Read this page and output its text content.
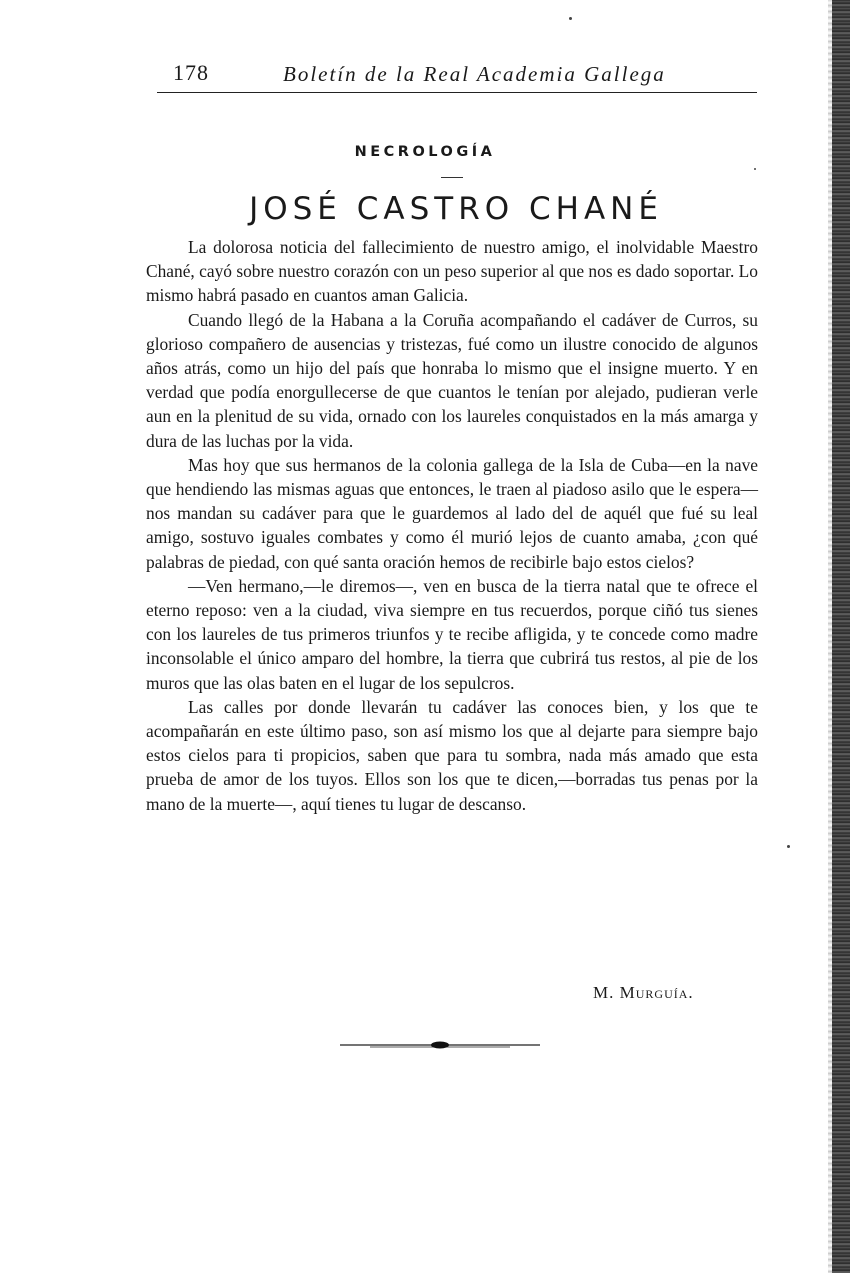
178	Boletín de la Real Academia Gallega
NECROLOGÍA
JOSÉ CASTRO CHANÉ

La dolorosa noticia del fallecimiento de nuestro amigo, el inolvidable Maestro Chané, cayó sobre nuestro corazón con un peso superior al que nos es dado soportar. Lo mismo habrá pasado en cuantos aman Galicia.

Cuando llegó de la Habana a la Coruña acompañando el cadáver de Curros, su glorioso compañero de ausencias y tristezas, fué como un ilustre conocido de algunos años atrás, como un hijo del país que honraba lo mismo que el insigne muerto. Y en verdad que podía enorgullecerse de que cuantos le tenían por alejado, pudieran verle aun en la plenitud de su vida, ornado con los laureles conquistados en la más amarga y dura de las luchas por la vida.

Mas hoy que sus hermanos de la colonia gallega de la Isla de Cuba—en la nave que hendiendo las mismas aguas que entonces, le traen al piadoso asilo que le espera—nos mandan su cadáver para que le guardemos al lado del de aquél que fué su leal amigo, sostuvo iguales combates y como él murió lejos de cuanto amaba, ¿con qué palabras de piedad, con qué santa oración hemos de recibirle bajo estos cielos?

—Ven hermano,—le diremos—, ven en busca de la tierra natal que te ofrece el eterno reposo: ven a la ciudad, viva siempre en tus recuerdos, porque ciñó tus sienes con los laureles de tus primeros triunfos y te recibe afligida, y te concede como madre inconsolable el único amparo del hombre, la tierra que cubrirá tus restos, al pie de los muros que las olas baten en el lugar de los sepulcros.

Las calles por donde llevarán tu cadáver las conoces bien, y los que te acompañarán en este último paso, son así mismo los que al dejarte para siempre bajo estos cielos para ti propicios, saben que para tu sombra, nada más amado que esta prueba de amor de los tuyos. Ellos son los que te dicen,—borradas tus penas por la mano de la muerte—, aquí tienes tu lugar de descanso.

M. Murguía.
